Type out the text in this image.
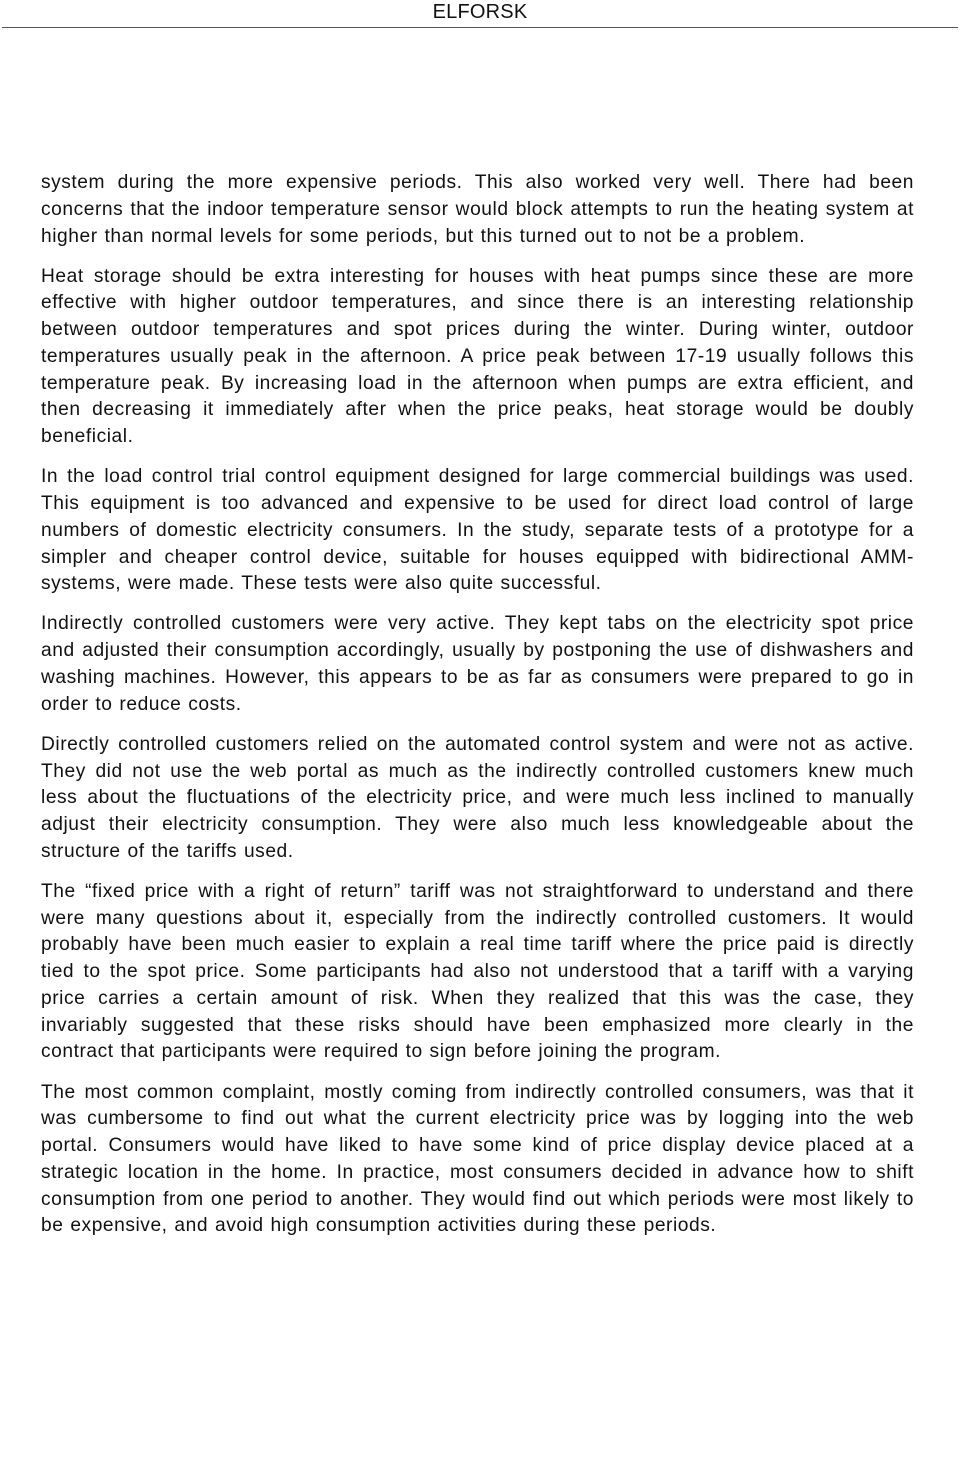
ELFORSK

system during the more expensive periods. This also worked very well. There had been concerns that the indoor temperature sensor would block attempts to run the heating system at higher than normal levels for some periods, but this turned out to not be a problem.

Heat storage should be extra interesting for houses with heat pumps since these are more effective with higher outdoor temperatures, and since there is an interesting relationship between outdoor temperatures and spot prices during the winter. During winter, outdoor temperatures usually peak in the afternoon. A price peak between 17-19 usually follows this temperature peak. By increasing load in the afternoon when pumps are extra efficient, and then decreasing it immediately after when the price peaks, heat storage would be doubly beneficial.

In the load control trial control equipment designed for large commercial buildings was used. This equipment is too advanced and expensive to be used for direct load control of large numbers of domestic electricity consumers. In the study, separate tests of a prototype for a simpler and cheaper control device, suitable for houses equipped with bidirectional AMM-systems, were made. These tests were also quite successful.

Indirectly controlled customers were very active. They kept tabs on the electricity spot price and adjusted their consumption accordingly, usually by postponing the use of dishwashers and washing machines. However, this appears to be as far as consumers were prepared to go in order to reduce costs.

Directly controlled customers relied on the automated control system and were not as active. They did not use the web portal as much as the indirectly controlled customers knew much less about the fluctuations of the electricity price, and were much less inclined to manually adjust their electricity consumption. They were also much less knowledgeable about the structure of the tariffs used.

The “fixed price with a right of return” tariff was not straightforward to understand and there were many questions about it, especially from the indirectly controlled customers. It would probably have been much easier to explain a real time tariff where the price paid is directly tied to the spot price. Some participants had also not understood that a tariff with a varying price carries a certain amount of risk. When they realized that this was the case, they invariably suggested that these risks should have been emphasized more clearly in the contract that participants were required to sign before joining the program.

The most common complaint, mostly coming from indirectly controlled consumers, was that it was cumbersome to find out what the current electricity price was by logging into the web portal. Consumers would have liked to have some kind of price display device placed at a strategic location in the home. In practice, most consumers decided in advance how to shift consumption from one period to another. They would find out which periods were most likely to be expensive, and avoid high consumption activities during these periods.
